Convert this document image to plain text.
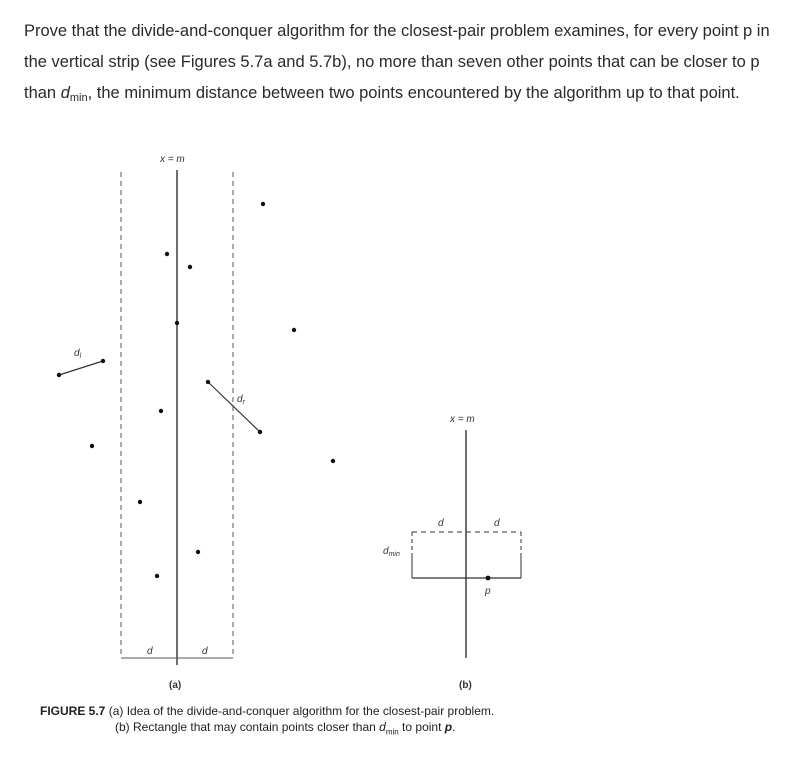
Prove that the divide-and-conquer algorithm for the closest-pair problem examines, for every point p in the vertical strip (see Figures 5.7a and 5.7b), no more than seven other points that can be closer to p than $d_{min}$, the minimum distance between two points encountered by the algorithm up to that point.
x = m
d	d
$d_l$
$d_r$
(a)
x = m
d	d
$d_{min}$
p
(b)
FIGURE 5.7 (a) Idea of the divide-and-conquer algorithm for the closest-pair problem.
(b) Rectangle that may contain points closer than $d_{min}$ to point p.
